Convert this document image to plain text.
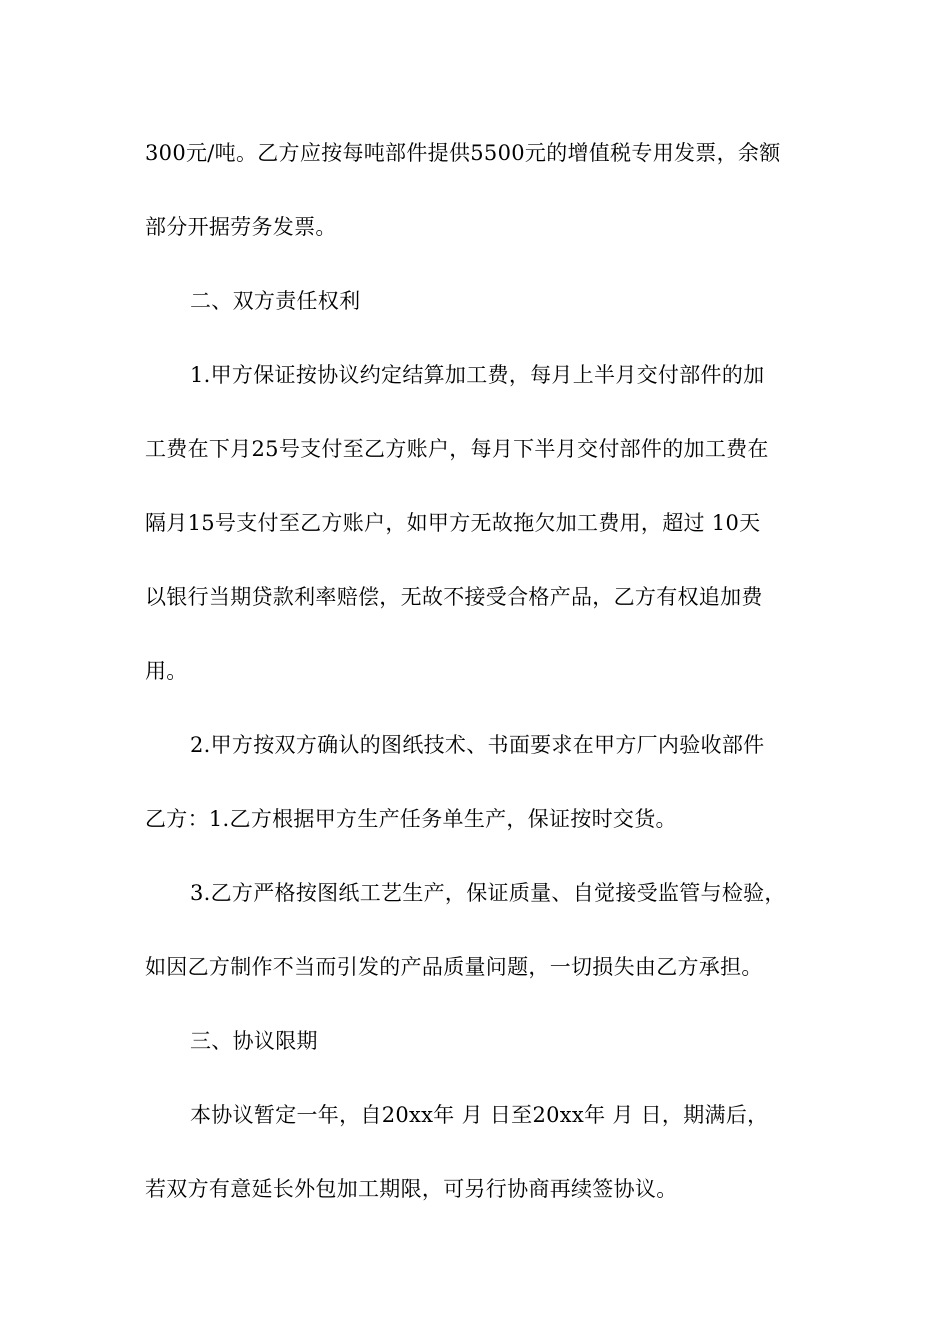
300元/吨。乙方应按每吨部件提供5500元的增值税专用发票，余额
部分开据劳务发票。
二、双方责任权利
1.甲方保证按协议约定结算加工费，每月上半月交付部件的加
工费在下月25号支付至乙方账户，每月下半月交付部件的加工费在
隔月15号支付至乙方账户，如甲方无故拖欠加工费用，超过 10天
以银行当期贷款利率赔偿，无故不接受合格产品，乙方有权追加费
用。
2.甲方按双方确认的图纸技术、书面要求在甲方厂内验收部件
乙方：1.乙方根据甲方生产任务单生产，保证按时交货。
3.乙方严格按图纸工艺生产，保证质量、自觉接受监管与检验，
如因乙方制作不当而引发的产品质量问题，一切损失由乙方承担。
三、协议限期
本协议暂定一年，自20xx年 月 日至20xx年 月 日，期满后，
若双方有意延长外包加工期限，可另行协商再续签协议。
